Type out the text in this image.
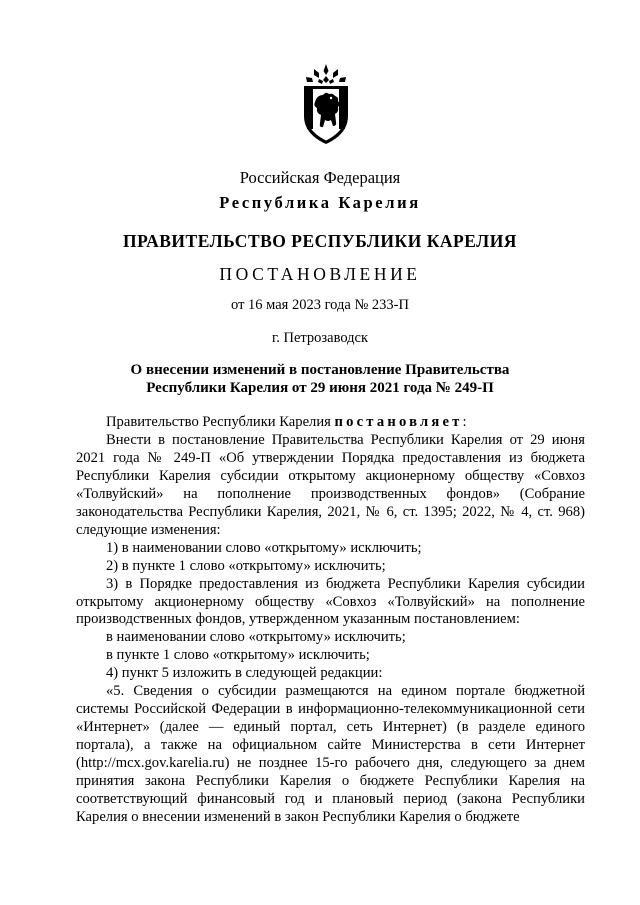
Российская Федерация
Республика Карелия
ПРАВИТЕЛЬСТВО РЕСПУБЛИКИ КАРЕЛИЯ
ПОСТАНОВЛЕНИЕ
от 16 мая 2023 года № 233-П
г. Петрозаводск
О внесении изменений в постановление Правительства
Республики Карелия от 29 июня 2021 года № 249-П

Правительство Республики Карелия постановляет:

Внести в постановление Правительства Республики Карелия от 29 июня 2021 года № 249-П «Об утверждении Порядка предоставления из бюджета Республики Карелия субсидии открытому акционерному обществу «Совхоз «Толвуйский» на пополнение производственных фондов» (Собрание законодательства Республики Карелия, 2021, № 6, ст. 1395; 2022, № 4, ст. 968) следующие изменения:

1) в наименовании слово «открытому» исключить;

2) в пункте 1 слово «открытому» исключить;

3) в Порядке предоставления из бюджета Республики Карелия субсидии открытому акционерному обществу «Совхоз «Толвуйский» на пополнение производственных фондов, утвержденном указанным постановлением:

в наименовании слово «открытому» исключить;

в пункте 1 слово «открытому» исключить;

4) пункт 5 изложить в следующей редакции:

«5. Сведения о субсидии размещаются на едином портале бюджетной системы Российской Федерации в информационно-телекоммуникационной сети «Интернет» (далее — единый портал, сеть Интернет) (в разделе единого портала), а также на официальном сайте Министерства в сети Интернет (http://mcx.gov.karelia.ru) не позднее 15-го рабочего дня, следующего за днем принятия закона Республики Карелия о бюджете Республики Карелия на соответствующий финансовый год и плановый период (закона Республики Карелия о внесении изменений в закон Республики Карелия о бюджете
